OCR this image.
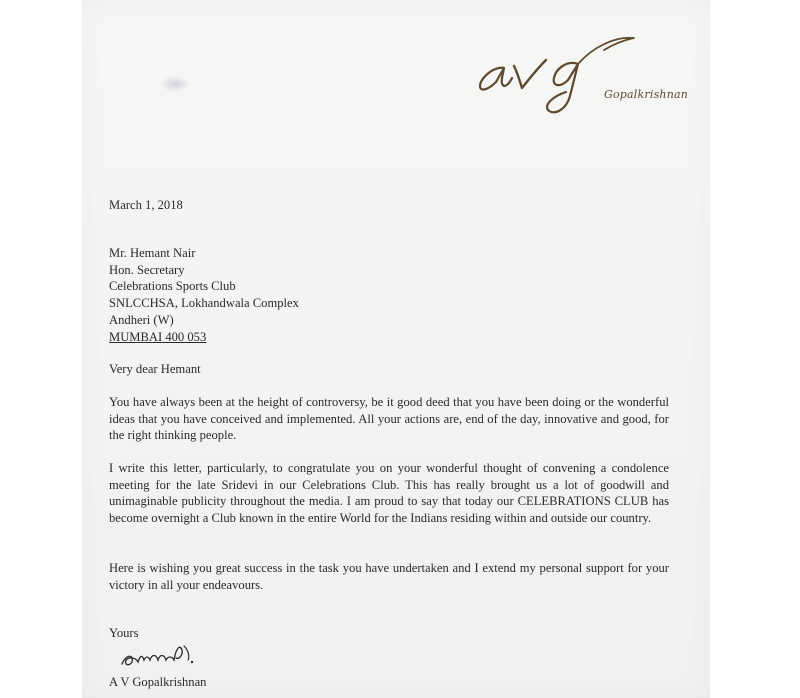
Gopalkrishnan
March 1, 2018
Mr. Hemant Nair
Hon. Secretary
Celebrations Sports Club
SNLCCHSA, Lokhandwala Complex
Andheri (W)
MUMBAI 400 053
Very dear Hemant
You have always been at the height of controversy, be it good deed that you have been doing or the wonderful ideas that you have conceived and implemented. All your actions are, end of the day, innovative and good, for the right thinking people.
I write this letter, particularly, to congratulate you on your wonderful thought of convening a condolence meeting for the late Sridevi in our Celebrations Club. This has really brought us a lot of goodwill and unimaginable publicity throughout the media. I am proud to say that today our CELEBRATIONS CLUB has become overnight a Club known in the entire World for the Indians residing within and outside our country.
Here is wishing you great success in the task you have undertaken and I extend my personal support for your victory in all your endeavours.
Yours
A V Gopalkrishnan
